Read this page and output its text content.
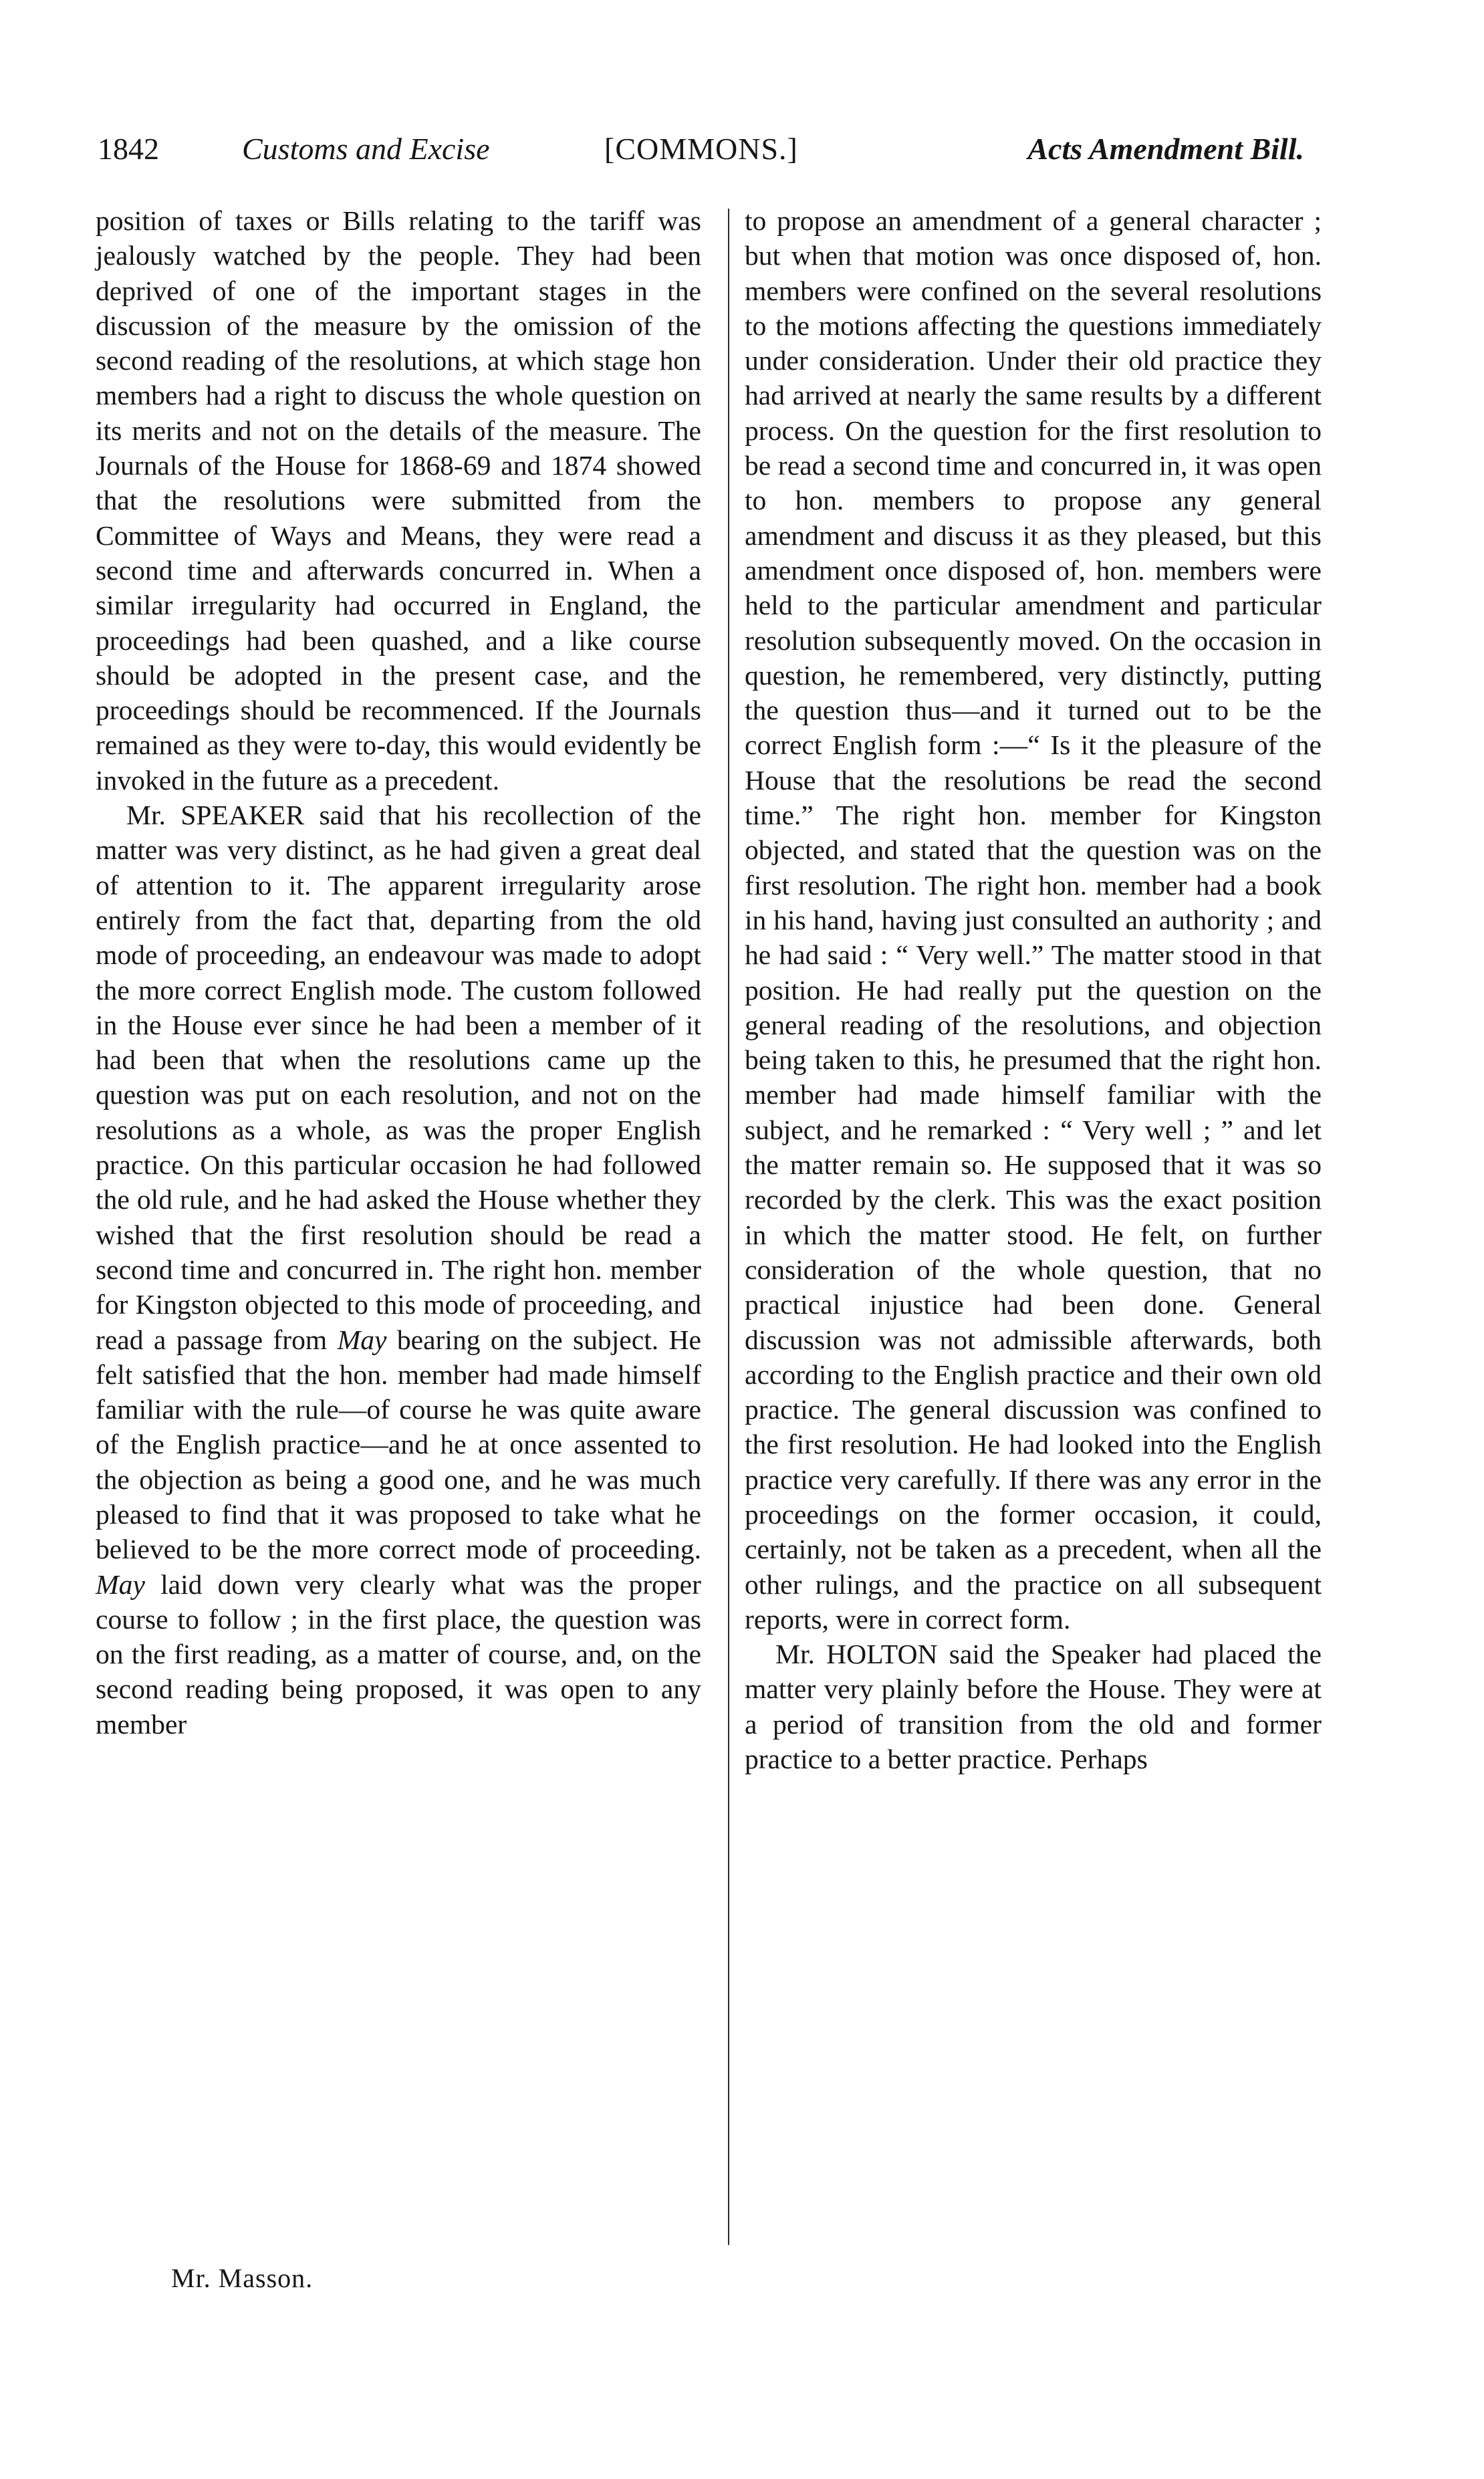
1842	Customs and Excise	[COMMONS.]	Acts Amendment Bill.

position of taxes or Bills relating to the tariff was jealously watched by the people. They had been deprived of one of the important stages in the discussion of the measure by the omission of the second reading of the resolutions, at which stage hon members had a right to discuss the whole question on its merits and not on the details of the measure. The Journals of the House for 1868-69 and 1874 showed that the resolutions were submitted from the Committee of Ways and Means, they were read a second time and afterwards concurred in. When a similar irregularity had occurred in England, the proceedings had been quashed, and a like course should be adopted in the present case, and the proceedings should be recommenced. If the Journals remained as they were to-day, this would evidently be invoked in the future as a precedent.

Mr. SPEAKER said that his recollection of the matter was very distinct, as he had given a great deal of attention to it. The apparent irregularity arose entirely from the fact that, departing from the old mode of proceeding, an endeavour was made to adopt the more correct English mode. The custom followed in the House ever since he had been a member of it had been that when the resolutions came up the question was put on each resolution, and not on the resolutions as a whole, as was the proper English practice. On this particular occasion he had followed the old rule, and he had asked the House whether they wished that the first resolution should be read a second time and concurred in. The right hon. member for Kingston objected to this mode of proceeding, and read a passage from May bearing on the subject. He felt satisfied that the hon. member had made himself familiar with the rule—of course he was quite aware of the English practice—and he at once assented to the objection as being a good one, and he was much pleased to find that it was proposed to take what he believed to be the more correct mode of proceeding. May laid down very clearly what was the proper course to follow ; in the first place, the question was on the first reading, as a matter of course, and, on the second reading being proposed, it was open to any member

to propose an amendment of a general character ; but when that motion was once disposed of, hon. members were confined on the several resolutions to the motions affecting the questions immediately under consideration. Under their old practice they had arrived at nearly the same results by a different process. On the question for the first resolution to be read a second time and concurred in, it was open to hon. members to propose any general amendment and discuss it as they pleased, but this amendment once disposed of, hon. members were held to the particular amendment and particular resolution subsequently moved. On the occasion in question, he remembered, very distinctly, putting the question thus—and it turned out to be the correct English form :—“ Is it the pleasure of the House that the resolutions be read the second time.” The right hon. member for Kingston objected, and stated that the question was on the first resolution. The right hon. member had a book in his hand, having just consulted an authority ; and he had said : “ Very well.” The matter stood in that position. He had really put the question on the general reading of the resolutions, and objection being taken to this, he presumed that the right hon. member had made himself familiar with the subject, and he remarked : “ Very well ; ” and let the matter remain so. He supposed that it was so recorded by the clerk. This was the exact position in which the matter stood. He felt, on further consideration of the whole question, that no practical injustice had been done. General discussion was not admissible afterwards, both according to the English practice and their own old practice. The general discussion was confined to the first resolution. He had looked into the English practice very carefully. If there was any error in the proceedings on the former occasion, it could, certainly, not be taken as a precedent, when all the other rulings, and the practice on all subsequent reports, were in correct form.

Mr. HOLTON said the Speaker had placed the matter very plainly before the House. They were at a period of transition from the old and former practice to a better practice. Perhaps

Mr. Masson.
